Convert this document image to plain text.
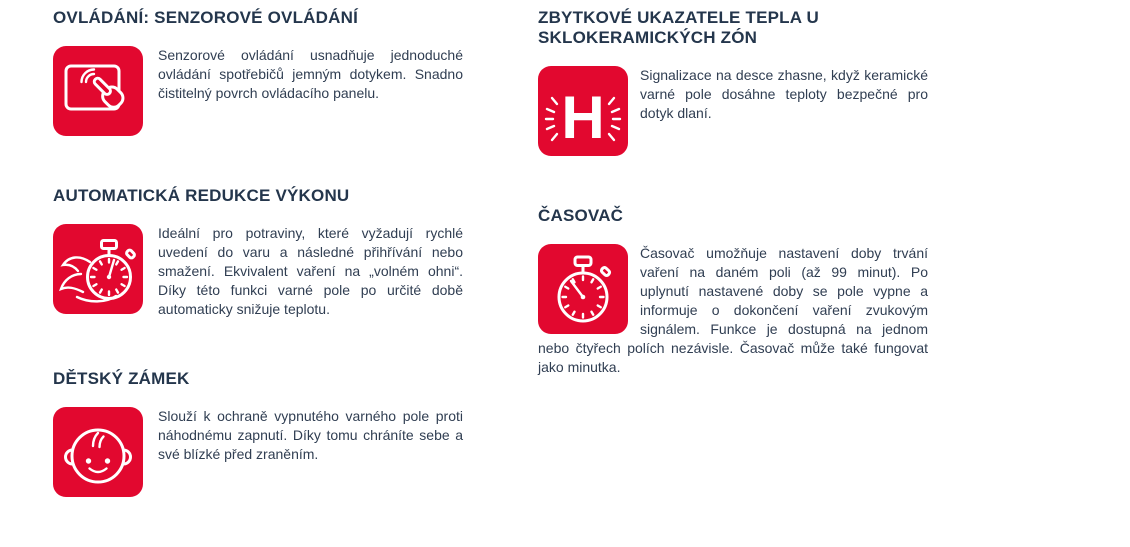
OVLÁDÁNÍ: SENZOROVÉ OVLÁDÁNÍ

Senzorové ovládání usnadňuje jednoduché ovládání spotřebičů jemným dotykem. Snadno čistitelný povrch ovládacího panelu.

AUTOMATICKÁ REDUKCE VÝKONU

Ideální pro potraviny, které vyžadují rychlé uvedení do varu a následné přihřívání nebo smažení. Ekvivalent vaření na „volném ohni“. Díky této funkci varné pole po určité době automaticky snižuje teplotu.

DĚTSKÝ ZÁMEK

Slouží k ochraně vypnutého varného pole proti náhodnému zapnutí. Díky tomu chráníte sebe a své blízké před zraněním.

ZBYTKOVÉ UKAZATELE TEPLA U SKLOKERAMICKÝCH ZÓN
H

Signalizace na desce zhasne, když keramické varné pole dosáhne teploty bezpečné pro dotyk dlaní.

ČASOVAČ

Časovač umožňuje nastavení doby trvání vaření na daném poli (až 99 minut). Po uplynutí nastavené doby se pole vypne a informuje o dokončení vaření zvukovým signálem. Funkce je dostupná na jednom nebo čtyřech polích nezávisle. Časovač může také fungovat jako minutka.
